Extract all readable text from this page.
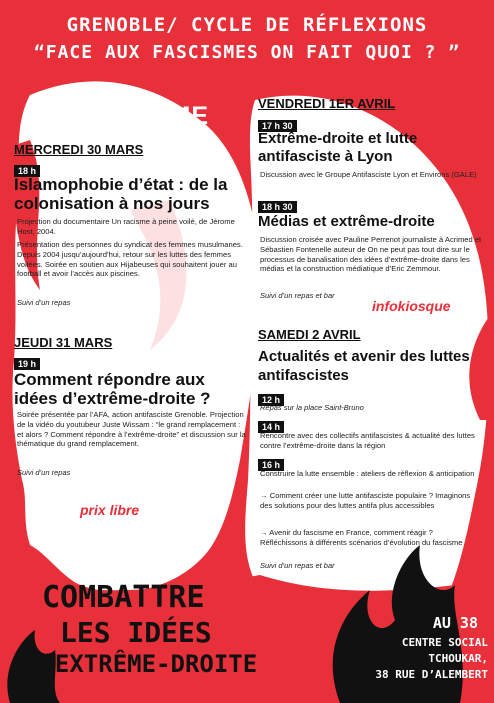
GRENOBLE/ CYCLE DE RÉFLEXIONS
“FACE AUX FASCISMES ON FAIT QUOI ? ”
PROGRAMME
MERCREDI 30 MARS
18 h
Islamophobie d’état : de la colonisation à nos jours
Projection du documentaire Un racisme à peine voilé, de Jérome Host, 2004.
Présentation des personnes du syndicat des femmes musulmanes. Depuis 2004 jusqu’aujourd’hui, retour sur les luttes des femmes voilées. Soirée en soutien aux Hijabeuses qui souhaitent jouer au football et avoir l’accès aux piscines.
Suivi d’un repas
JEUDI 31 MARS
19 h
Comment répondre aux idées d’extrême-droite ?
Soirée présentée par l’AFA, action antifasciste Grenoble. Projection de la vidéo du youtubeur Juste Wissam : “le grand remplacement : et alors ? Comment répondre à l’extrême-droite” et discussion sur la thématique du grand remplacement.
Suivi d’un repas
prix libre
VENDREDI 1ER AVRIL
17 h 30
Extrême-droite et lutte antifasciste à Lyon
Discussion avec le Groupe Antifasciste Lyon et Environs (GALE)
18 h 30
Médias et extrême-droite
Discussion croisée avec Pauline Perrenot journaliste à Acrimed et Sébastien Fontenelle auteur de On ne peut pas tout dire sur le processus de banalisation des idées d’extrême-droite dans les médias et la construction médiatique d’Eric Zemmour.
Suivi d’un repas et bar
infokiosque
SAMEDI 2 AVRIL
Actualités et avenir des luttes antifascistes
12 h
Repas sur la place Saint-Bruno
14 h
Rencontre avec des collectifs antifascistes & actualité des luttes contre l’extrême-droite dans la région
16 h
Construire la lutte ensemble : ateliers de réflexion & anticipation
→ Comment créer une lutte antifasciste populaire ? Imaginons des solutions pour des luttes antifa plus accessibles
→ Avenir du fascisme en France, comment réagir ? Réfléchissons à différents scénarios d’évolution du fascisme
Suivi d’un repas et bar
COMBATTRE
LES IDÉES
D’EXTRÊME-DROITE
AU 38
CENTRE SOCIAL
TCHOUKAR,
38 RUE D’ALEMBERT
